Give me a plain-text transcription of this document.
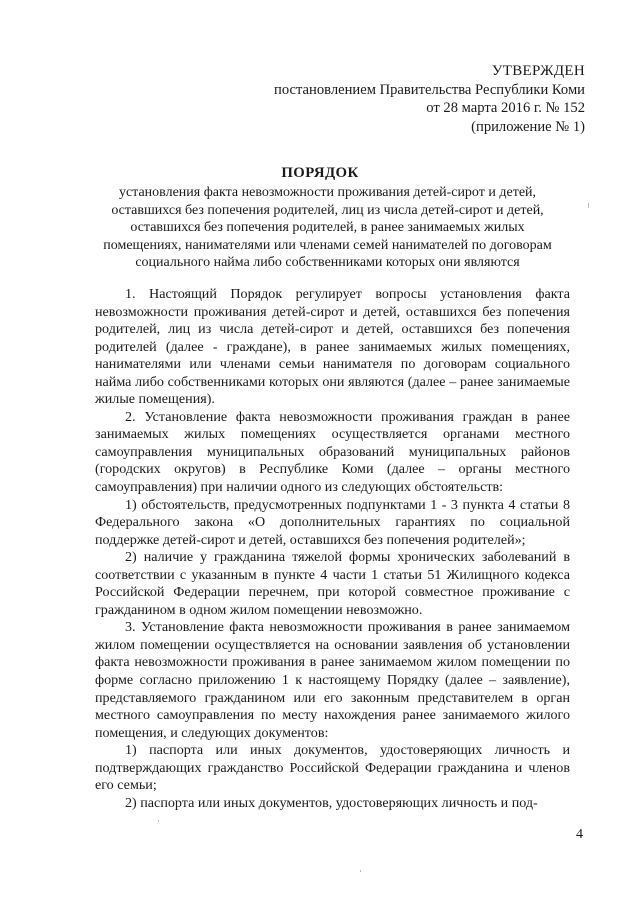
УТВЕРЖДЕН
постановлением Правительства Республики Коми
от 28 марта 2016 г. № 152
(приложение № 1)
ПОРЯДОК
установления факта невозможности проживания детей-сирот и детей, оставшихся без попечения родителей, лиц из числа детей-сирот и детей, оставшихся без попечения родителей, в ранее занимаемых жилых помещениях, нанимателями или членами семей нанимателей по договорам социального найма либо собственниками которых они являются

1. Настоящий Порядок регулирует вопросы установления факта невозможности проживания детей-сирот и детей, оставшихся без попечения родителей, лиц из числа детей-сирот и детей, оставшихся без попечения родителей (далее - граждане), в ранее занимаемых жилых помещениях, нанимателями или членами семьи нанимателя по договорам социального найма либо собственниками которых они являются (далее – ранее занимаемые жилые помещения).

2. Установление факта невозможности проживания граждан в ранее занимаемых жилых помещениях осуществляется органами местного самоуправления муниципальных образований муниципальных районов (городских округов) в Республике Коми (далее – органы местного самоуправления) при наличии одного из следующих обстоятельств:

1) обстоятельств, предусмотренных подпунктами 1 - 3 пункта 4 статьи 8 Федерального закона «О дополнительных гарантиях по социальной поддержке детей-сирот и детей, оставшихся без попечения родителей»;

2) наличие у гражданина тяжелой формы хронических заболеваний в соответствии с указанным в пункте 4 части 1 статьи 51 Жилищного кодекса Российской Федерации перечнем, при которой совместное проживание с гражданином в одном жилом помещении невозможно.

3. Установление факта невозможности проживания в ранее занимаемом жилом помещении осуществляется на основании заявления об установлении факта невозможности проживания в ранее занимаемом жилом помещении по форме согласно приложению 1 к настоящему Порядку (далее – заявление), представляемого гражданином или его законным представителем в орган местного самоуправления по месту нахождения ранее занимаемого жилого помещения, и следующих документов:

1) паспорта или иных документов, удостоверяющих личность и подтверждающих гражданство Российской Федерации гражданина и членов его семьи;

2) паспорта или иных документов, удостоверяющих личность и под-

4
